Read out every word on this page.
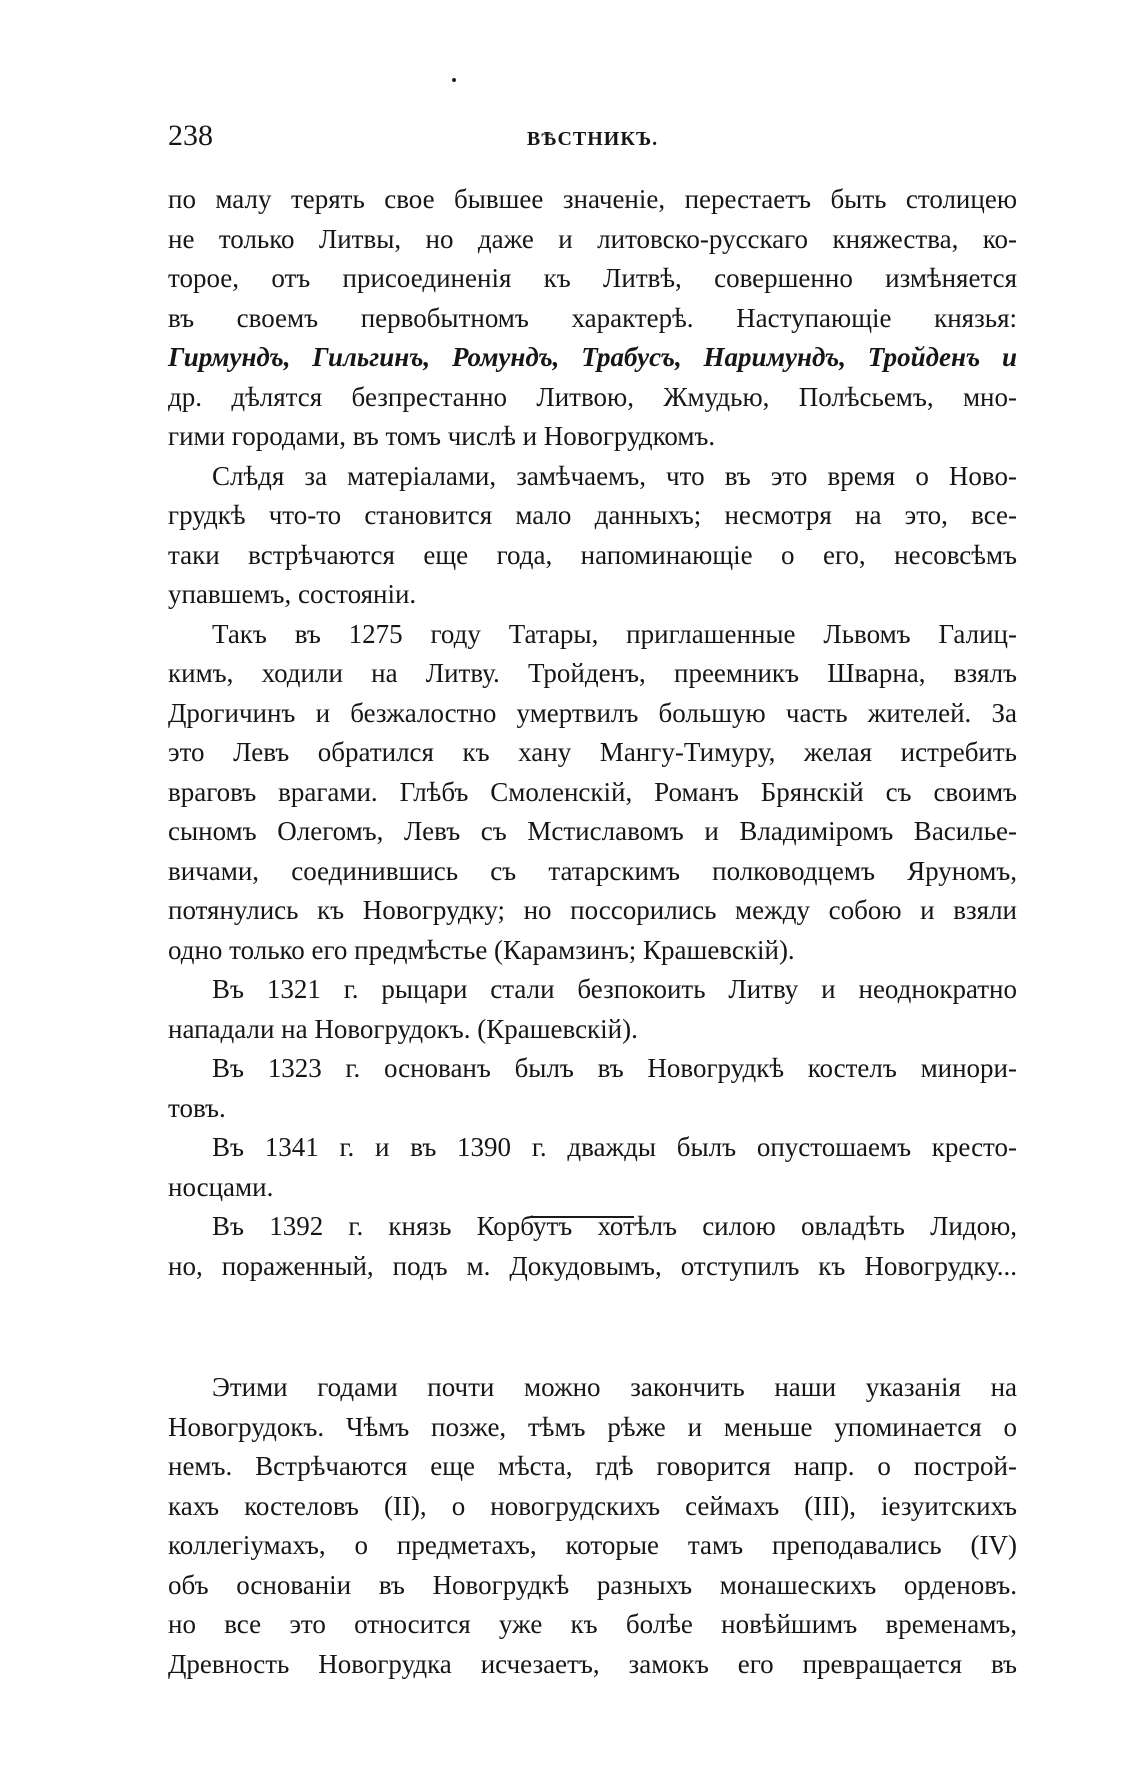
238	ВѢСТНИКЪ.

по малу терять свое бывшее значеніе, перестаетъ быть столицею

не только Литвы, но даже и литовско-русскаго княжества, ко-

торое, отъ присоединенія къ Литвѣ, совершенно измѣняется

въ своемъ первобытномъ характерѣ. Наступающіе князья:

Гирмундъ, Гильгинъ, Ромундъ, Трабусъ, Наримундъ, Тройденъ и

др. дѣлятся безпрестанно Литвою, Жмудью, Полѣсьемъ, мно-

гими городами, въ томъ числѣ и Новогрудкомъ.

Слѣдя за матеріалами, замѣчаемъ, что въ это время о Ново-

грудкѣ что-то становится мало данныхъ; несмотря на это, все-

таки встрѣчаются еще года, напоминающіе о его, несовсѣмъ

упавшемъ, состояніи.

Такъ въ 1275 году Татары, приглашенные Львомъ Галиц-

кимъ, ходили на Литву. Тройденъ, преемникъ Шварна, взялъ

Дрогичинъ и безжалостно умертвилъ большую часть жителей. За

это Левъ обратился къ хану Мангу-Тимуру, желая истребить

враговъ врагами. Глѣбъ Смоленскій, Романъ Брянскій съ своимъ

сыномъ Олегомъ, Левъ съ Мстиславомъ и Владиміромъ Василье-

вичами, соединившись съ татарскимъ полководцемъ Яруномъ,

потянулись къ Новогрудку; но поссорились между собою и взяли

одно только его предмѣстье (Карамзинъ; Крашевскій).

Въ 1321 г. рыцари стали безпокоить Литву и неоднократно

нападали на Новогрудокъ. (Крашевскій).

Въ 1323 г. основанъ былъ въ Новогрудкѣ костелъ минори-

товъ.

Въ 1341 г. и въ 1390 г. дважды былъ опустошаемъ кресто-

носцами.

Въ 1392 г. князь Корбутъ хотѣлъ силою овладѣть Лидою,

но, пораженный, подъ м. Докудовымъ, отступилъ къ Новогрудку...

Этими годами почти можно закончить наши указанія на

Новогрудокъ. Чѣмъ позже, тѣмъ рѣже и меньше упоминается о

немъ. Встрѣчаются еще мѣста, гдѣ говорится напр. о построй-

кахъ костеловъ (II), о новогрудскихъ сеймахъ (III), іезуитскихъ

коллегіумахъ, о предметахъ, которые тамъ преподавались (IV)

объ основаніи въ Новогрудкѣ разныхъ монашескихъ орденовъ.

но все это относится уже къ болѣе новѣйшимъ временамъ,

Древность Новогрудка исчезаетъ, замокъ его превращается въ
